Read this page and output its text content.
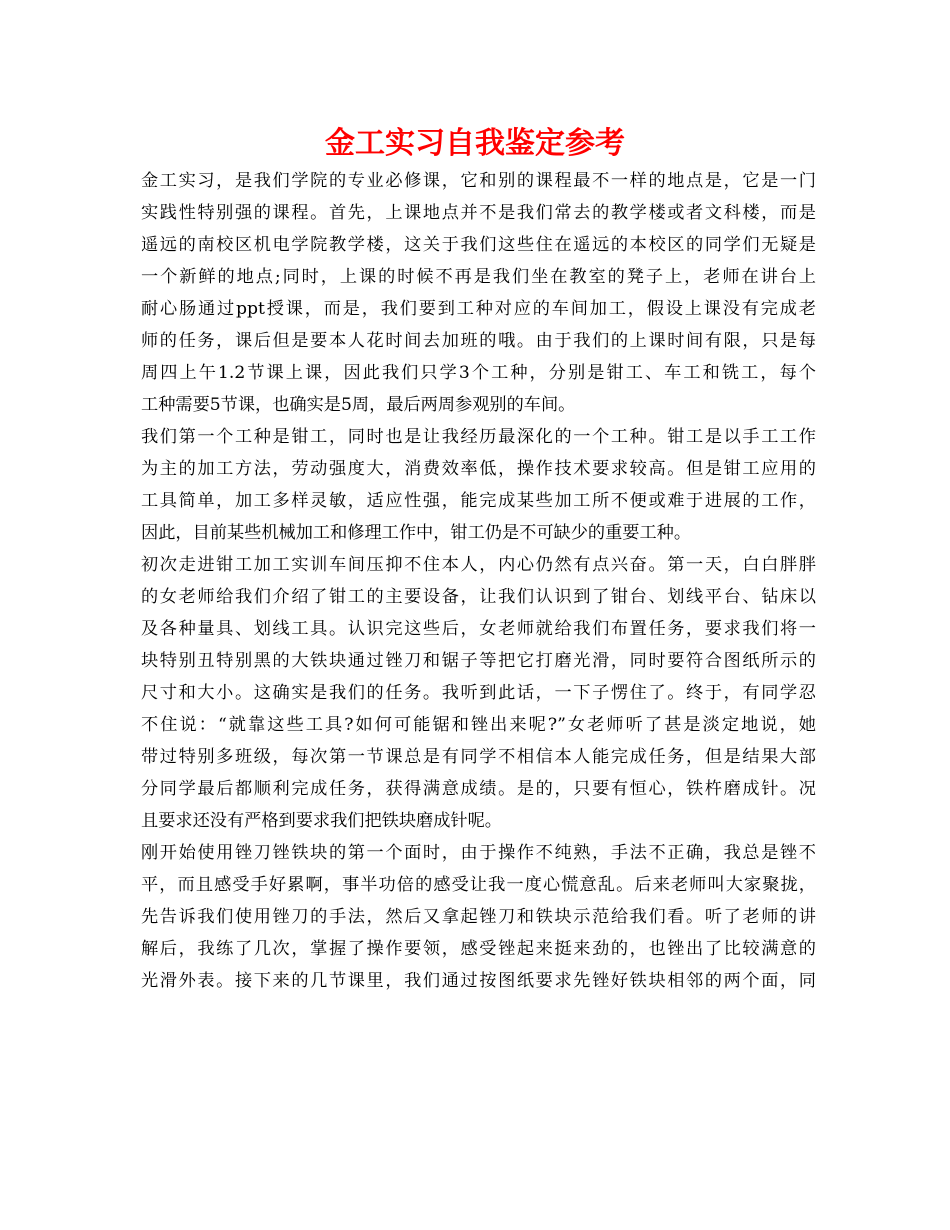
金工实习自我鉴定参考
金工实习，是我们学院的专业必修课，它和别的课程最不一样的地点是，它是一门
实践性特别强的课程。首先，上课地点并不是我们常去的教学楼或者文科楼，而是
遥远的南校区机电学院教学楼，这关于我们这些住在遥远的本校区的同学们无疑是
一个新鲜的地点;同时，上课的时候不再是我们坐在教室的凳子上，老师在讲台上
耐心肠通过ppt授课，而是，我们要到工种对应的车间加工，假设上课没有完成老
师的任务，课后但是要本人花时间去加班的哦。由于我们的上课时间有限，只是每
周四上午1.2节课上课，因此我们只学3个工种，分别是钳工、车工和铣工，每个
工种需要5节课，也确实是5周，最后两周参观别的车间。
我们第一个工种是钳工，同时也是让我经历最深化的一个工种。钳工是以手工工作
为主的加工方法，劳动强度大，消费效率低，操作技术要求较高。但是钳工应用的
工具简单，加工多样灵敏，适应性强，能完成某些加工所不便或难于进展的工作，
因此，目前某些机械加工和修理工作中，钳工仍是不可缺少的重要工种。
初次走进钳工加工实训车间压抑不住本人，内心仍然有点兴奋。第一天，白白胖胖
的女老师给我们介绍了钳工的主要设备，让我们认识到了钳台、划线平台、钻床以
及各种量具、划线工具。认识完这些后，女老师就给我们布置任务，要求我们将一
块特别丑特别黑的大铁块通过锉刀和锯子等把它打磨光滑，同时要符合图纸所示的
尺寸和大小。这确实是我们的任务。我听到此话，一下子愣住了。终于，有同学忍
不住说：“就靠这些工具?如何可能锯和锉出来呢?”女老师听了甚是淡定地说，她
带过特别多班级，每次第一节课总是有同学不相信本人能完成任务，但是结果大部
分同学最后都顺利完成任务，获得满意成绩。是的，只要有恒心，铁杵磨成针。况
且要求还没有严格到要求我们把铁块磨成针呢。
刚开始使用锉刀锉铁块的第一个面时，由于操作不纯熟，手法不正确，我总是锉不
平，而且感受手好累啊，事半功倍的感受让我一度心慌意乱。后来老师叫大家聚拢，
先告诉我们使用锉刀的手法，然后又拿起锉刀和铁块示范给我们看。听了老师的讲
解后，我练了几次，掌握了操作要领，感受锉起来挺来劲的，也锉出了比较满意的
光滑外表。接下来的几节课里，我们通过按图纸要求先锉好铁块相邻的两个面，同
